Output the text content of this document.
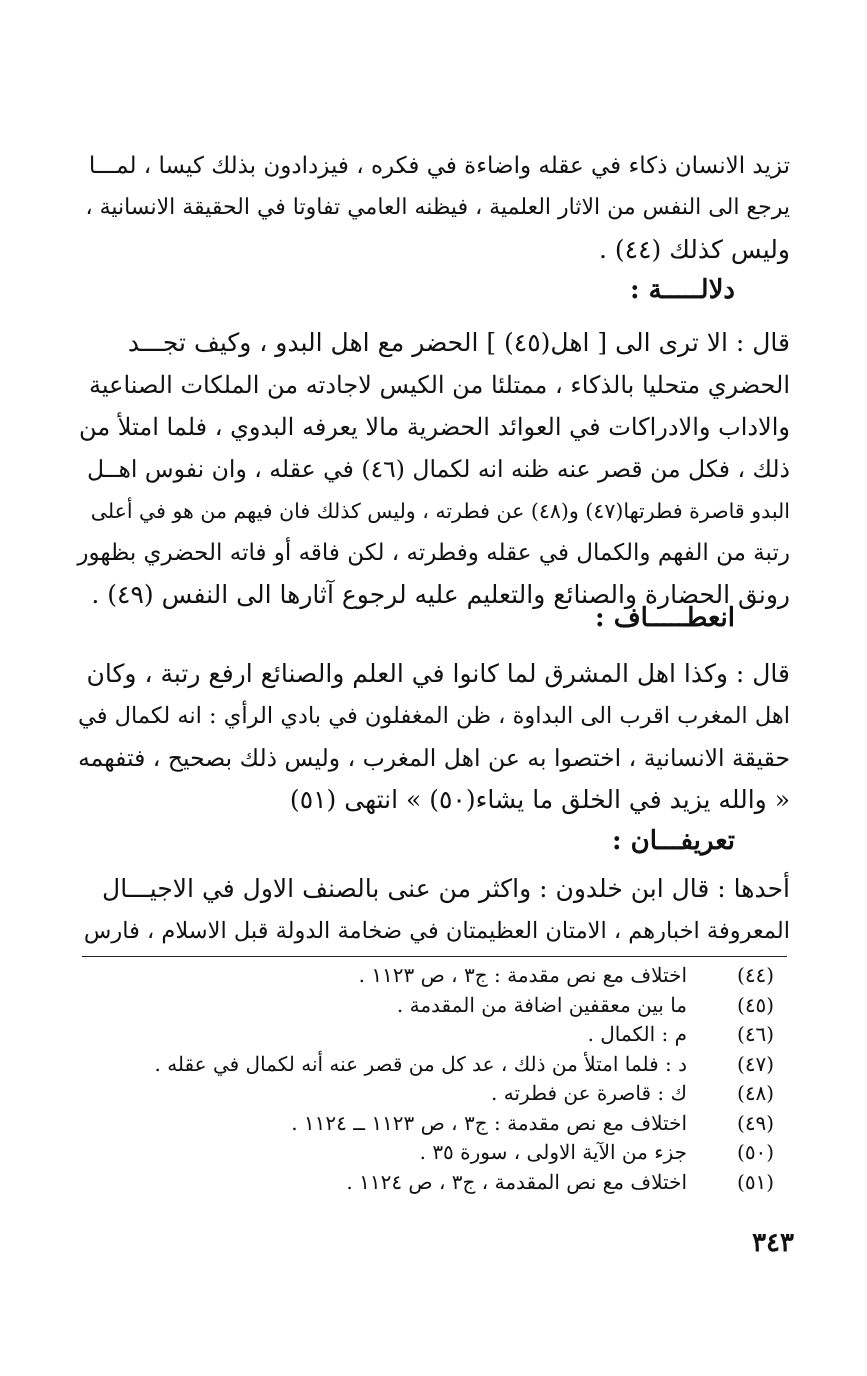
تزيد الانسان ذكاء في عقله واضاءة في فكره ، فيزدادون بذلك كيسا ، لمـــا
يرجع الى النفس من الاثار العلمية ، فيظنه العامي تفاوتا في الحقيقة الانسانية ،
وليس كذلك (٤٤) .
دلالـــــة :
قال : الا ترى الى [ اهل(٤٥) ] الحضر مع اهل البدو ، وكيف تجـــد
الحضري متحليا بالذكاء ، ممتلئا من الكيس لاجادته من الملكات الصناعية
والاداب والادراكات في العوائد الحضرية مالا يعرفه البدوي ، فلما امتلأ من
ذلك ، فكل من قصر عنه ظنه انه لكمال (٤٦) في عقله ، وان نفوس اهــل
البدو قاصرة فطرتها(٤٧) و(٤٨) عن فطرته ، وليس كذلك فان فيهم من هو في أعلى
رتبة من الفهم والكمال في عقله وفطرته ، لكن فاقه أو فاته الحضري بظهور
رونق الحضارة والصنائع والتعليم عليه لرجوع آثارها الى النفس (٤٩) .
انعطـــــاف :
قال : وكذا اهل المشرق لما كانوا في العلم والصنائع ارفع رتبة ، وكان
اهل المغرب اقرب الى البداوة ، ظن المغفلون في بادي الرأي : انه لكمال في
حقيقة الانسانية ، اختصوا به عن اهل المغرب ، وليس ذلك بصحيح ، فتفهمه
« والله يزيد في الخلق ما يشاء(٥٠) » انتهى (٥١)
تعريفـــان :
أحدها : قال ابن خلدون : واكثر من عنى بالصنف الاول في الاجيـــال
المعروفة اخبارهم ، الامتان العظيمتان في ضخامة الدولة قبل الاسلام ، فارس
(٤٤)
اختلاف مع نص مقدمة : ج٣ ، ص ١١٢٣ .
(٤٥)
ما بين معقفين اضافة من المقدمة .
(٤٦)
م : الكمال .
(٤٧)
د : فلما امتلأ من ذلك ، عد كل من قصر عنه أنه لكمال في عقله .
(٤٨)
ك : قاصرة عن فطرته .
(٤٩)
اختلاف مع نص مقدمة : ج٣ ، ص ١١٢٣ ــ ١١٢٤ .
(٥٠)
جزء من الآية الاولى ، سورة ٣٥ .
(٥١)
اختلاف مع نص المقدمة ، ج٣ ، ص ١١٢٤ .
٣٤٣
